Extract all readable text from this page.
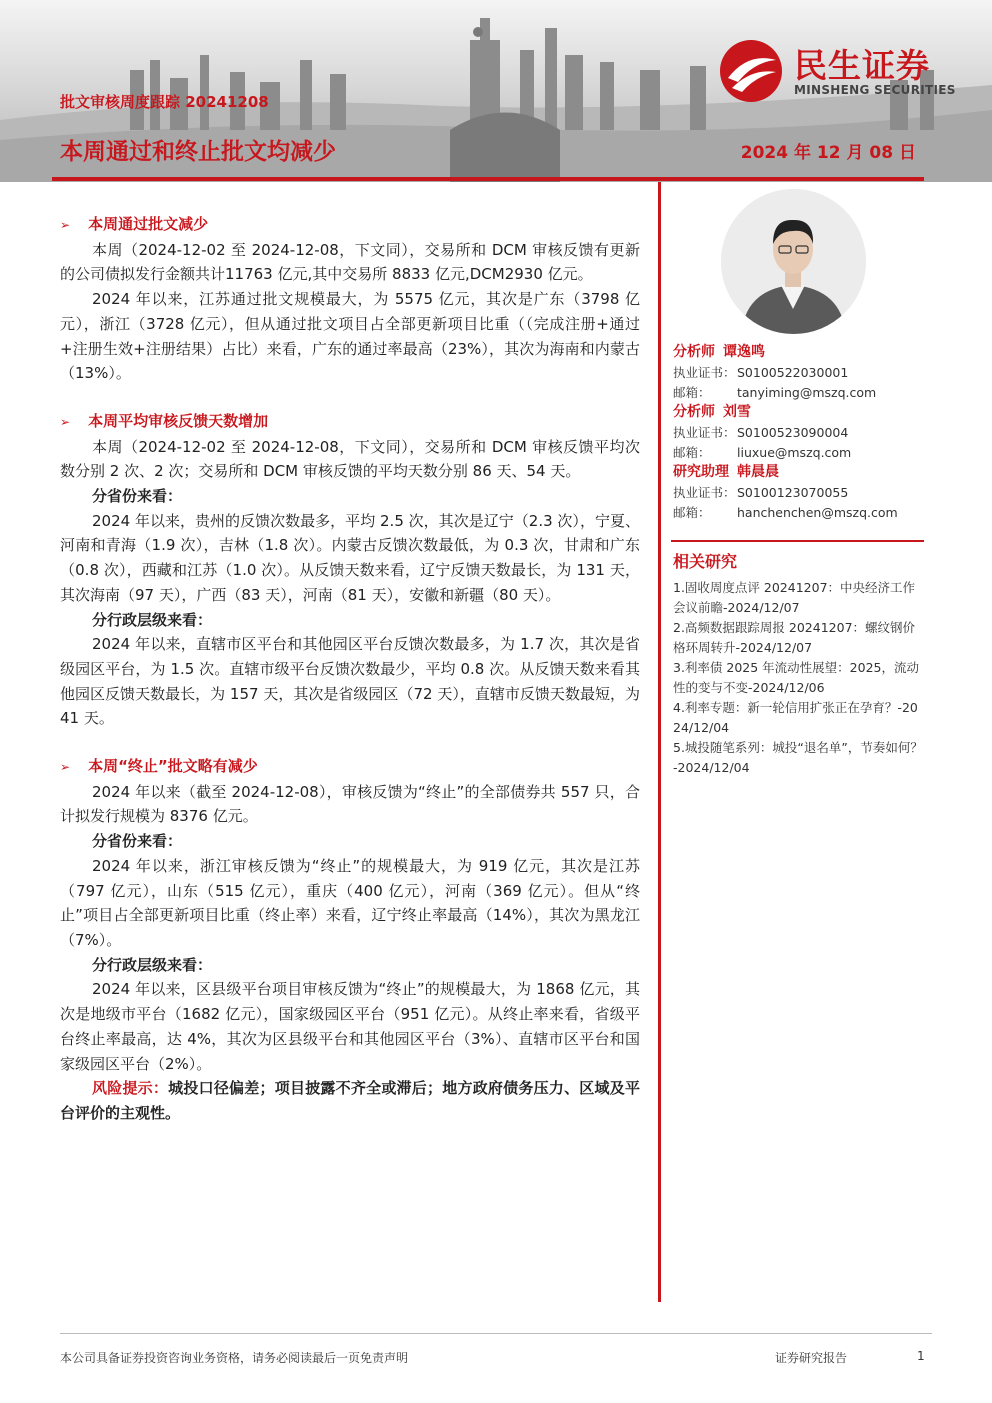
批文审核周度跟踪 20241208
本周通过和终止批文均减少	2024 年 12 月 08 日
民生证券
MINSHENG SECURITIES

➢ 本周通过批文减少

本周（2024-12-02 至 2024-12-08，下文同），交易所和 DCM 审核反馈有更新的公司债拟发行金额共计11763 亿元,其中交易所 8833 亿元,DCM2930 亿元。

2024 年以来，江苏通过批文规模最大，为 5575 亿元，其次是广东（3798 亿元），浙江（3728 亿元），但从通过批文项目占全部更新项目比重（（完成注册+通过+注册生效+注册结果）占比）来看，广东的通过率最高（23%），其次为海南和内蒙古（13%）。

➢ 本周平均审核反馈天数增加

本周（2024-12-02 至 2024-12-08，下文同），交易所和 DCM 审核反馈平均次数分别 2 次、2 次；交易所和 DCM 审核反馈的平均天数分别 86 天、54 天。

分省份来看：

2024 年以来，贵州的反馈次数最多，平均 2.5 次，其次是辽宁（2.3 次），宁夏、河南和青海（1.9 次），吉林（1.8 次）。内蒙古反馈次数最低，为 0.3 次，甘肃和广东（0.8 次），西藏和江苏（1.0 次）。从反馈天数来看，辽宁反馈天数最长，为 131 天，其次海南（97 天），广西（83 天），河南（81 天），安徽和新疆（80 天）。

分行政层级来看：

2024 年以来，直辖市区平台和其他园区平台反馈次数最多，为 1.7 次，其次是省级园区平台，为 1.5 次。直辖市级平台反馈次数最少，平均 0.8 次。从反馈天数来看其他园区反馈天数最长，为 157 天，其次是省级园区（72 天），直辖市反馈天数最短，为 41 天。

➢ 本周“终止”批文略有减少

2024 年以来（截至 2024-12-08），审核反馈为“终止”的全部债券共 557 只，合计拟发行规模为 8376 亿元。

分省份来看：

2024 年以来，浙江审核反馈为“终止”的规模最大，为 919 亿元，其次是江苏（797 亿元），山东（515 亿元），重庆（400 亿元），河南（369 亿元）。但从“终止”项目占全部更新项目比重（终止率）来看，辽宁终止率最高（14%），其次为黑龙江（7%）。

分行政层级来看：

2024 年以来，区县级平台项目审核反馈为“终止”的规模最大，为 1868 亿元，其次是地级市平台（1682 亿元），国家级园区平台（951 亿元）。从终止率来看，省级平台终止率最高，达 4%，其次为区县级平台和其他园区平台（3%）、直辖市区平台和国家级园区平台（2%）。

风险提示：城投口径偏差；项目披露不齐全或滞后；地方政府债务压力、区域及平台评价的主观性。

分析师 谭逸鸣
执业证书：S0100522030001
邮箱： tanyiming@mszq.com
分析师 刘雪
执业证书：S0100523090004
邮箱： liuxue@mszq.com
研究助理 韩晨晨
执业证书：S0100123070055
邮箱： hanchenchen@mszq.com
相关研究
1.固收周度点评 20241207：中央经济工作会议前瞻-2024/12/07
2.高频数据跟踪周报 20241207：螺纹钢价格环周转升-2024/12/07
3.利率债 2025 年流动性展望：2025，流动性的变与不变-2024/12/06
4.利率专题：新一轮信用扩张正在孕育？-2024/12/04
5.城投随笔系列：城投“退名单”，节奏如何？-2024/12/04
本公司具备证券投资咨询业务资格，请务必阅读最后一页免责声明	证券研究报告	1
